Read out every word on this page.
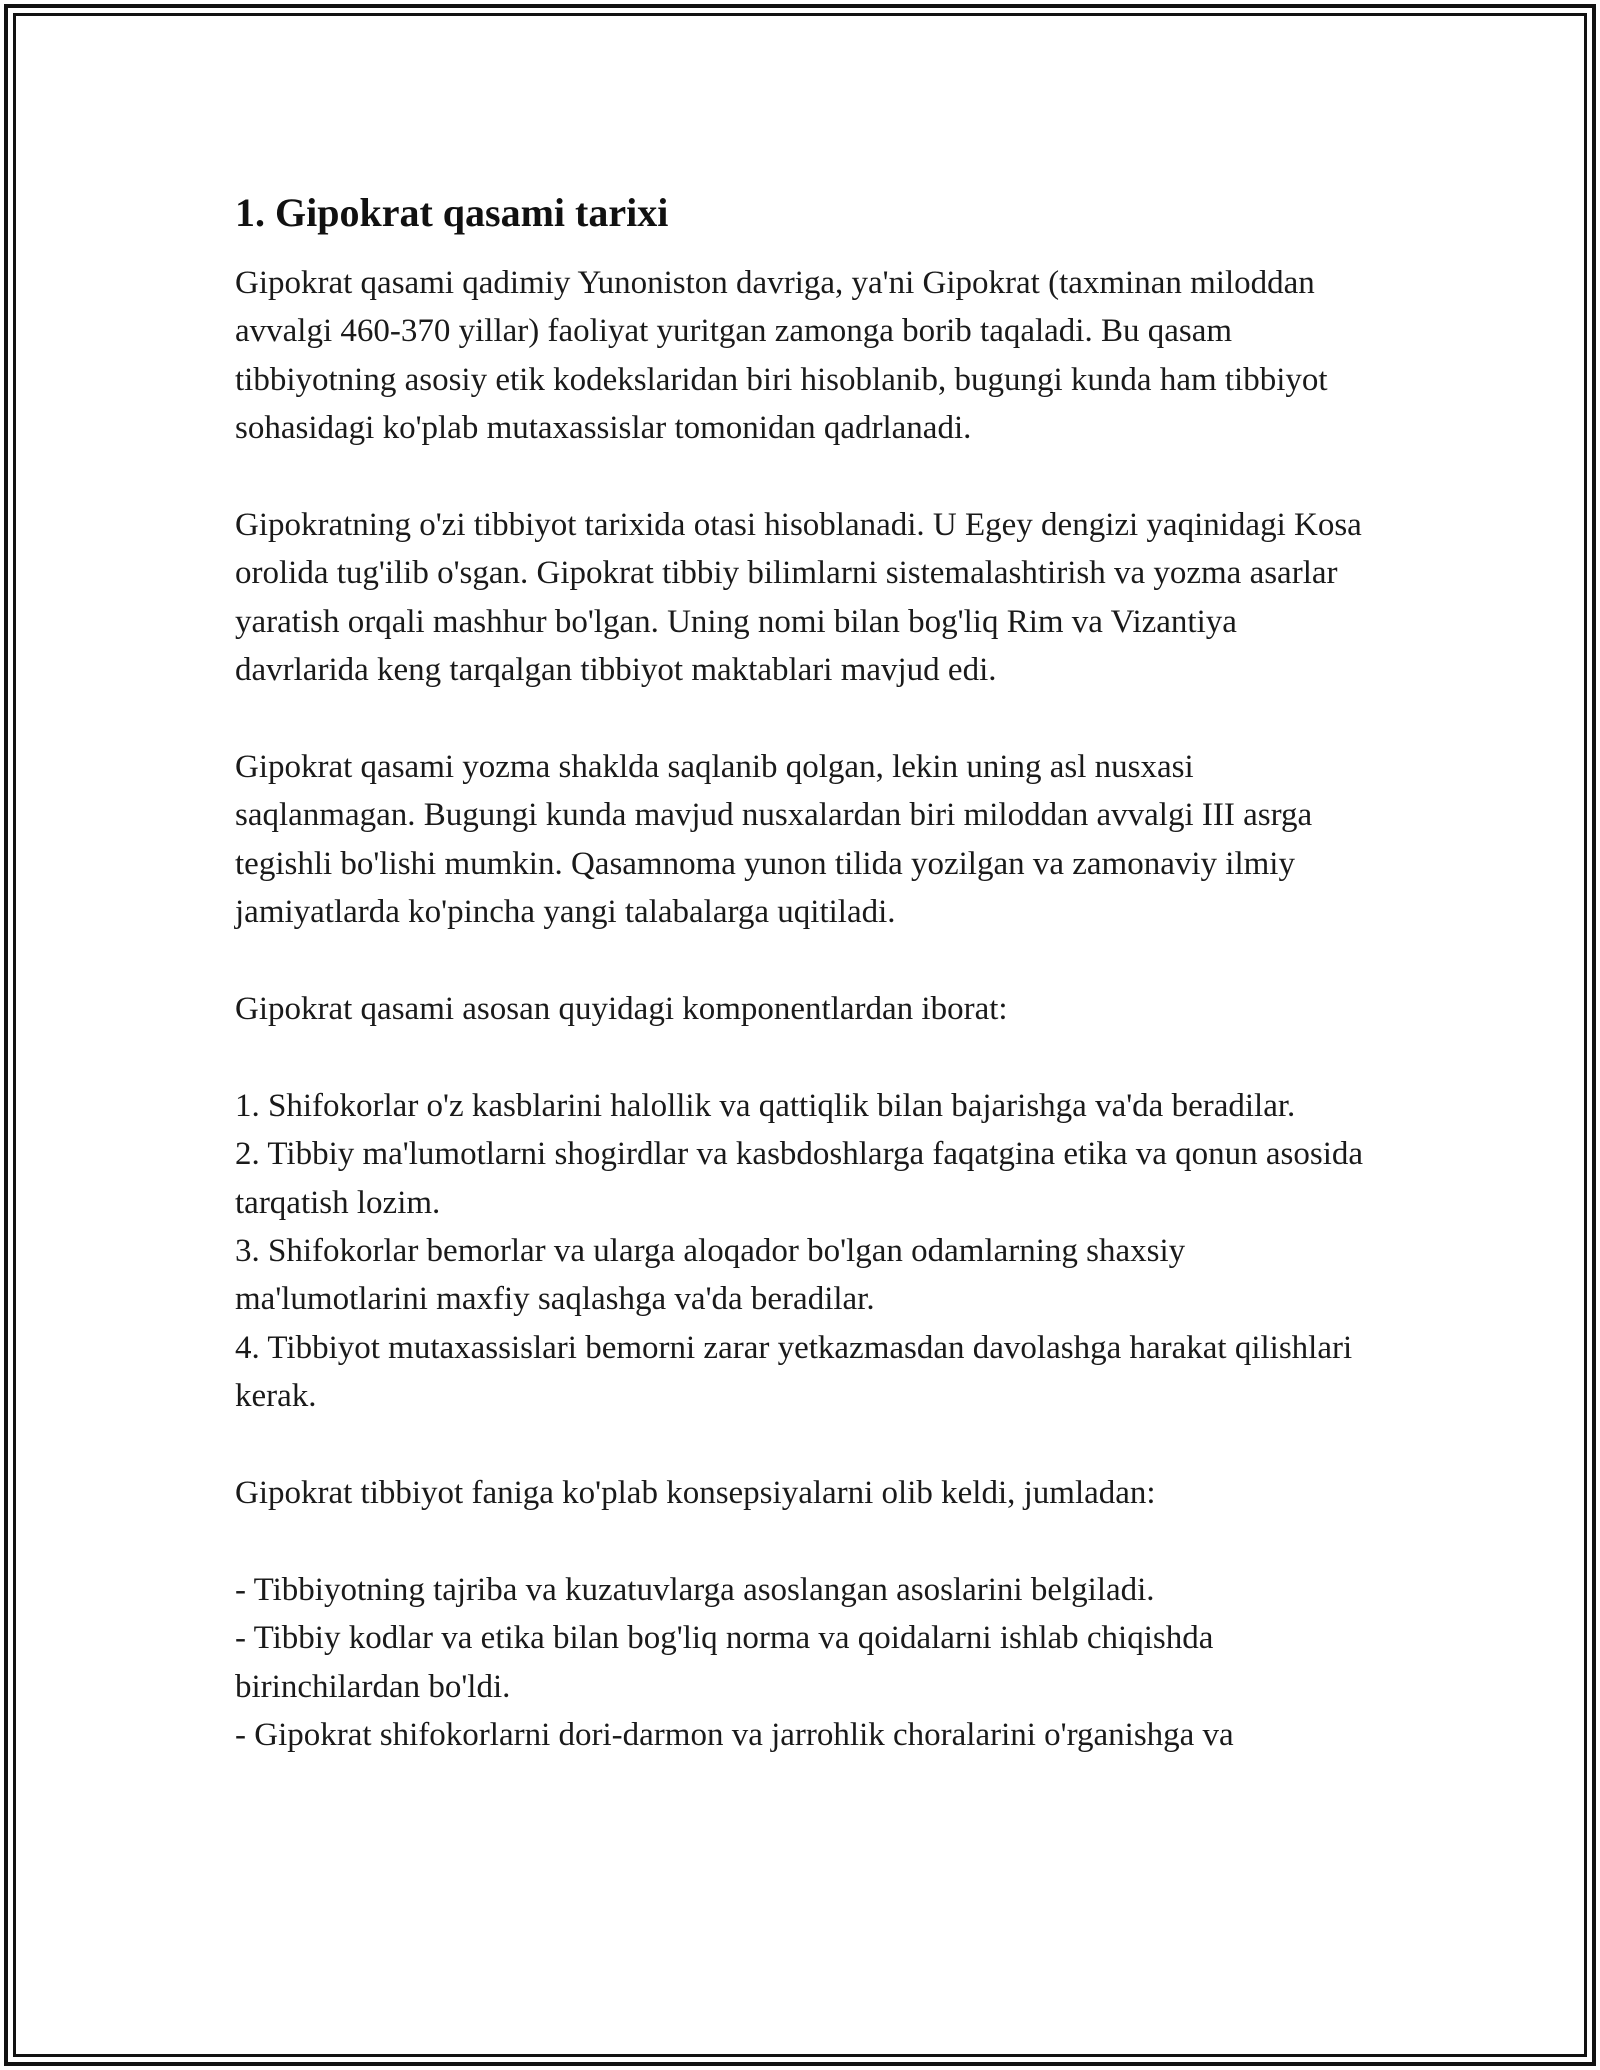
1. Gipokrat qasami tarixi

Gipokrat qasami qadimiy Yunoniston davriga, ya'ni Gipokrat (taxminan miloddan avvalgi 460-370 yillar) faoliyat yuritgan zamonga borib taqaladi. Bu qasam tibbiyotning asosiy etik kodekslaridan biri hisoblanib, bugungi kunda ham tibbiyot sohasidagi ko'plab mutaxassislar tomonidan qadrlanadi.

Gipokratning o'zi tibbiyot tarixida otasi hisoblanadi. U Egey dengizi yaqinidagi Kosa orolida tug'ilib o'sgan. Gipokrat tibbiy bilimlarni sistemalashtirish va yozma asarlar yaratish orqali mashhur bo'lgan. Uning nomi bilan bog'liq Rim va Vizantiya davrlarida keng tarqalgan tibbiyot maktablari mavjud edi.

Gipokrat qasami yozma shaklda saqlanib qolgan, lekin uning asl nusxasi saqlanmagan. Bugungi kunda mavjud nusxalardan biri miloddan avvalgi III asrga tegishli bo'lishi mumkin. Qasamnoma yunon tilida yozilgan va zamonaviy ilmiy jamiyatlarda ko'pincha yangi talabalarga uqitiladi.

Gipokrat qasami asosan quyidagi komponentlardan iborat:

1. Shifokorlar o'z kasblarini halollik va qattiqlik bilan bajarishga va'da beradilar.
2. Tibbiy ma'lumotlarni shogirdlar va kasbdoshlarga faqatgina etika va qonun asosida tarqatish lozim.
3. Shifokorlar bemorlar va ularga aloqador bo'lgan odamlarning shaxsiy ma'lumotlarini maxfiy saqlashga va'da beradilar.
4. Tibbiyot mutaxassislari bemorni zarar yetkazmasdan davolashga harakat qilishlari kerak.

Gipokrat tibbiyot faniga ko'plab konsepsiyalarni olib keldi, jumladan:

- Tibbiyotning tajriba va kuzatuvlarga asoslangan asoslarini belgiladi.
- Tibbiy kodlar va etika bilan bog'liq norma va qoidalarni ishlab chiqishda birinchilardan bo'ldi.
- Gipokrat shifokorlarni dori-darmon va jarrohlik choralarini o'rganishga va
